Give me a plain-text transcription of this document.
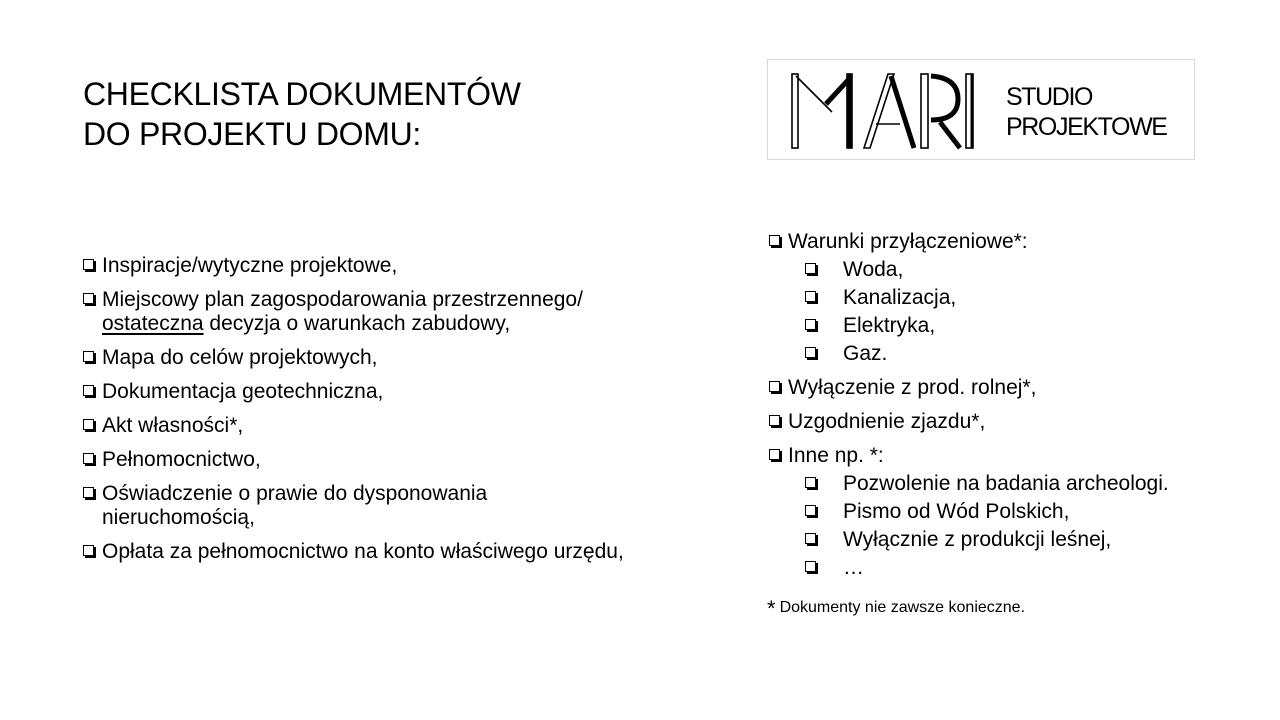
CHECKLISTA DOKUMENTÓW
DO PROJEKTU DOMU:
STUDIO
PROJEKTOWE
Inspiracje/wytyczne projektowe,
Miejscowy plan zagospodarowania przestrzennego/ ostateczna decyzja o warunkach zabudowy,
Mapa do celów projektowych,
Dokumentacja geotechniczna,
Akt własności*,
Pełnomocnictwo,
Oświadczenie o prawie do dysponowania nieruchomością,
Opłata za pełnomocnictwo na konto właściwego urzędu,
Warunki przyłączeniowe*:
Woda,
Kanalizacja,
Elektryka,
Gaz.
Wyłączenie z prod. rolnej*,
Uzgodnienie zjazdu*,
Inne np. *:
Pozwolenie na badania archeologi.
Pismo od Wód Polskich,
Wyłącznie z produkcji leśnej,
…
* Dokumenty nie zawsze konieczne.
